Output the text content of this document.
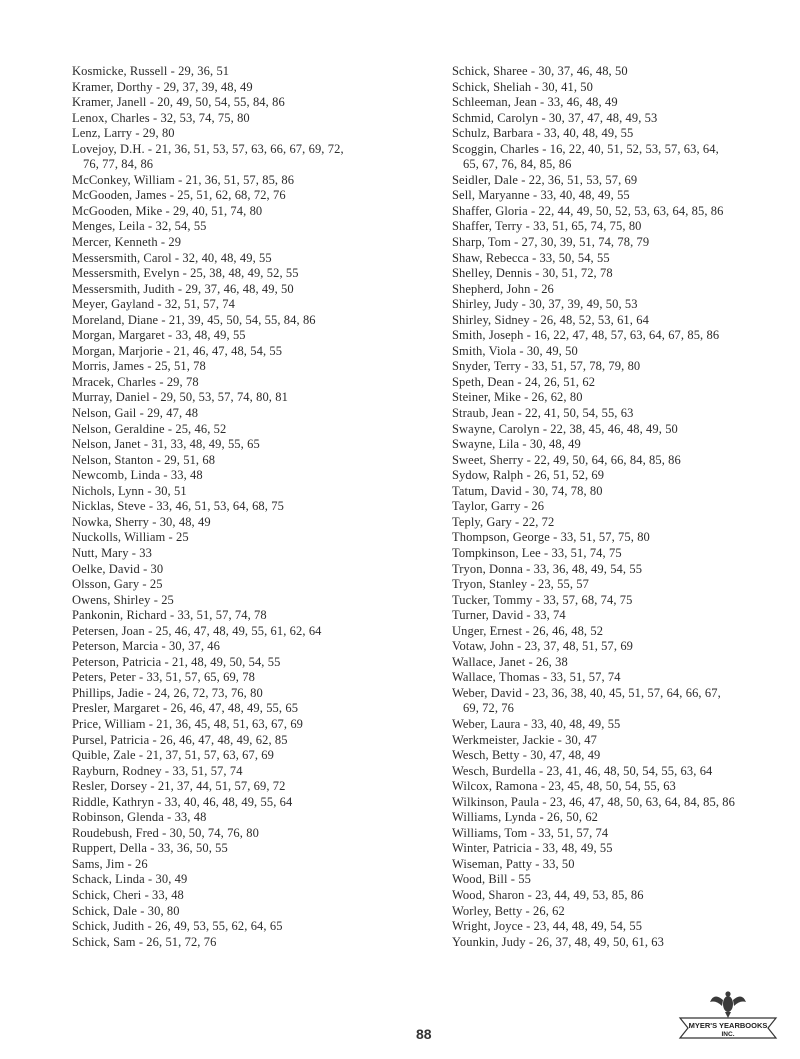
Kosmicke, Russell - 29, 36, 51
Kramer, Dorthy - 29, 37, 39, 48, 49
Kramer, Janell - 20, 49, 50, 54, 55, 84, 86
Lenox, Charles - 32, 53, 74, 75, 80
Lenz, Larry - 29, 80
Lovejoy, D.H. - 21, 36, 51, 53, 57, 63, 66, 67, 69, 72,
76, 77, 84, 86
McConkey, William - 21, 36, 51, 57, 85, 86
McGooden, James - 25, 51, 62, 68, 72, 76
McGooden, Mike - 29, 40, 51, 74, 80
Menges, Leila - 32, 54, 55
Mercer, Kenneth - 29
Messersmith, Carol - 32, 40, 48, 49, 55
Messersmith, Evelyn - 25, 38, 48, 49, 52, 55
Messersmith, Judith - 29, 37, 46, 48, 49, 50
Meyer, Gayland - 32, 51, 57, 74
Moreland, Diane - 21, 39, 45, 50, 54, 55, 84, 86
Morgan, Margaret - 33, 48, 49, 55
Morgan, Marjorie - 21, 46, 47, 48, 54, 55
Morris, James - 25, 51, 78
Mracek, Charles - 29, 78
Murray, Daniel - 29, 50, 53, 57, 74, 80, 81
Nelson, Gail - 29, 47, 48
Nelson, Geraldine - 25, 46, 52
Nelson, Janet - 31, 33, 48, 49, 55, 65
Nelson, Stanton - 29, 51, 68
Newcomb, Linda - 33, 48
Nichols, Lynn - 30, 51
Nicklas, Steve - 33, 46, 51, 53, 64, 68, 75
Nowka, Sherry - 30, 48, 49
Nuckolls, William - 25
Nutt, Mary - 33
Oelke, David - 30
Olsson, Gary - 25
Owens, Shirley - 25
Pankonin, Richard - 33, 51, 57, 74, 78
Petersen, Joan - 25, 46, 47, 48, 49, 55, 61, 62, 64
Peterson, Marcia - 30, 37, 46
Peterson, Patricia - 21, 48, 49, 50, 54, 55
Peters, Peter - 33, 51, 57, 65, 69, 78
Phillips, Jadie - 24, 26, 72, 73, 76, 80
Presler, Margaret - 26, 46, 47, 48, 49, 55, 65
Price, William - 21, 36, 45, 48, 51, 63, 67, 69
Pursel, Patricia - 26, 46, 47, 48, 49, 62, 85
Quible, Zale - 21, 37, 51, 57, 63, 67, 69
Rayburn, Rodney - 33, 51, 57, 74
Resler, Dorsey - 21, 37, 44, 51, 57, 69, 72
Riddle, Kathryn - 33, 40, 46, 48, 49, 55, 64
Robinson, Glenda - 33, 48
Roudebush, Fred - 30, 50, 74, 76, 80
Ruppert, Della - 33, 36, 50, 55
Sams, Jim - 26
Schack, Linda - 30, 49
Schick, Cheri - 33, 48
Schick, Dale - 30, 80
Schick, Judith - 26, 49, 53, 55, 62, 64, 65
Schick, Sam - 26, 51, 72, 76
Schick, Sharee - 30, 37, 46, 48, 50
Schick, Sheliah - 30, 41, 50
Schleeman, Jean - 33, 46, 48, 49
Schmid, Carolyn - 30, 37, 47, 48, 49, 53
Schulz, Barbara - 33, 40, 48, 49, 55
Scoggin, Charles - 16, 22, 40, 51, 52, 53, 57, 63, 64,
65, 67, 76, 84, 85, 86
Seidler, Dale - 22, 36, 51, 53, 57, 69
Sell, Maryanne - 33, 40, 48, 49, 55
Shaffer, Gloria - 22, 44, 49, 50, 52, 53, 63, 64, 85, 86
Shaffer, Terry - 33, 51, 65, 74, 75, 80
Sharp, Tom - 27, 30, 39, 51, 74, 78, 79
Shaw, Rebecca - 33, 50, 54, 55
Shelley, Dennis - 30, 51, 72, 78
Shepherd, John - 26
Shirley, Judy - 30, 37, 39, 49, 50, 53
Shirley, Sidney - 26, 48, 52, 53, 61, 64
Smith, Joseph - 16, 22, 47, 48, 57, 63, 64, 67, 85, 86
Smith, Viola - 30, 49, 50
Snyder, Terry - 33, 51, 57, 78, 79, 80
Speth, Dean - 24, 26, 51, 62
Steiner, Mike - 26, 62, 80
Straub, Jean - 22, 41, 50, 54, 55, 63
Swayne, Carolyn - 22, 38, 45, 46, 48, 49, 50
Swayne, Lila - 30, 48, 49
Sweet, Sherry - 22, 49, 50, 64, 66, 84, 85, 86
Sydow, Ralph - 26, 51, 52, 69
Tatum, David - 30, 74, 78, 80
Taylor, Garry - 26
Teply, Gary - 22, 72
Thompson, George - 33, 51, 57, 75, 80
Tompkinson, Lee - 33, 51, 74, 75
Tryon, Donna - 33, 36, 48, 49, 54, 55
Tryon, Stanley - 23, 55, 57
Tucker, Tommy - 33, 57, 68, 74, 75
Turner, David - 33, 74
Unger, Ernest - 26, 46, 48, 52
Votaw, John - 23, 37, 48, 51, 57, 69
Wallace, Janet - 26, 38
Wallace, Thomas - 33, 51, 57, 74
Weber, David - 23, 36, 38, 40, 45, 51, 57, 64, 66, 67,
69, 72, 76
Weber, Laura - 33, 40, 48, 49, 55
Werkmeister, Jackie - 30, 47
Wesch, Betty - 30, 47, 48, 49
Wesch, Burdella - 23, 41, 46, 48, 50, 54, 55, 63, 64
Wilcox, Ramona - 23, 45, 48, 50, 54, 55, 63
Wilkinson, Paula - 23, 46, 47, 48, 50, 63, 64, 84, 85, 86
Williams, Lynda - 26, 50, 62
Williams, Tom - 33, 51, 57, 74
Winter, Patricia - 33, 48, 49, 55
Wiseman, Patty - 33, 50
Wood, Bill - 55
Wood, Sharon - 23, 44, 49, 53, 85, 86
Worley, Betty - 26, 62
Wright, Joyce - 23, 44, 48, 49, 54, 55
Younkin, Judy - 26, 37, 48, 49, 50, 61, 63
88
MYER'S YEARBOOKS
INC.
